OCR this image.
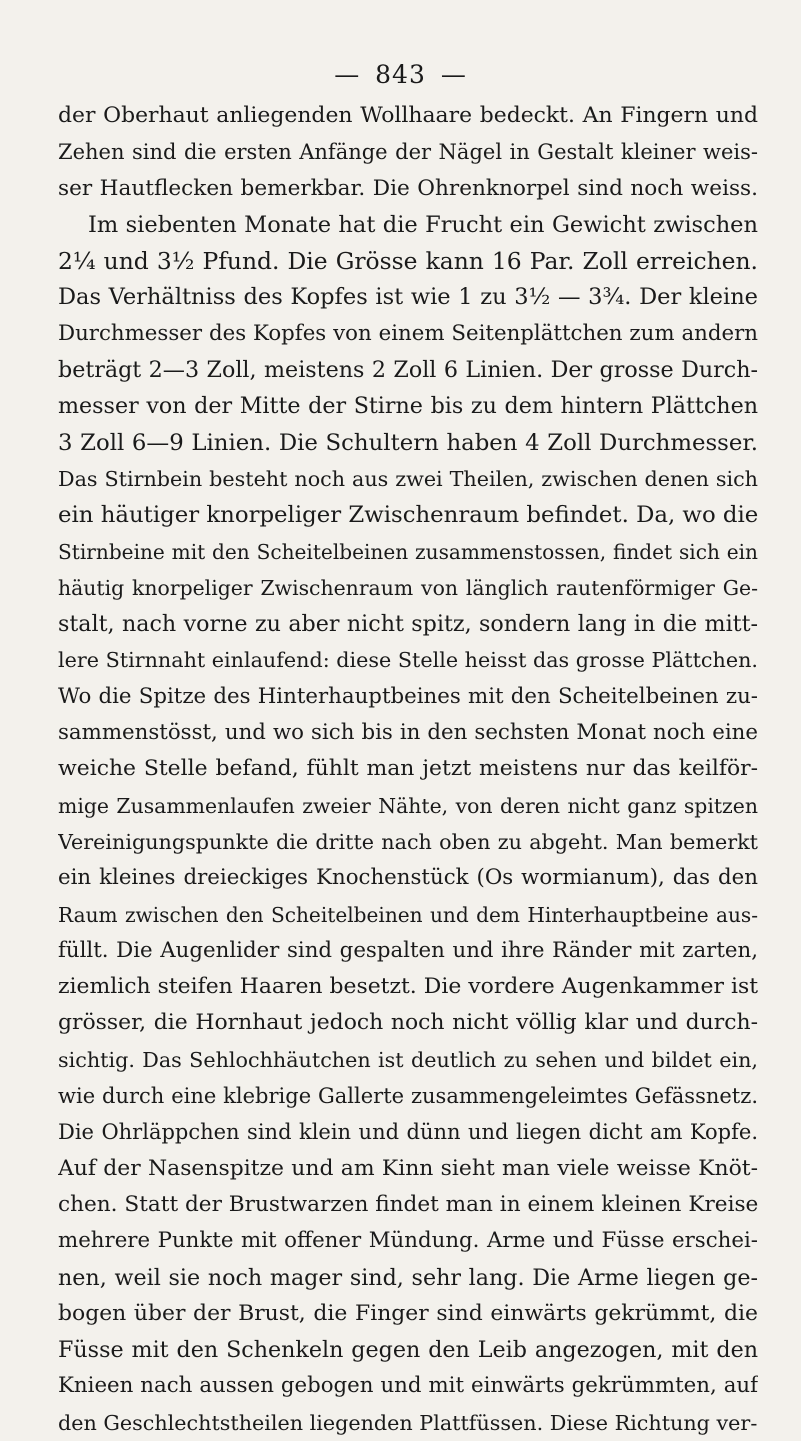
— 843 —
der Oberhaut anliegenden Wollhaare bedeckt. An Fingern und
Zehen sind die ersten Anfänge der Nägel in Gestalt kleiner weis-
ser Hautflecken bemerkbar. Die Ohrenknorpel sind noch weiss.
Im siebenten Monate hat die Frucht ein Gewicht zwischen
2¼ und 3½ Pfund. Die Grösse kann 16 Par. Zoll erreichen.
Das Verhältniss des Kopfes ist wie 1 zu 3½ — 3¾. Der kleine
Durchmesser des Kopfes von einem Seitenplättchen zum andern
beträgt 2—3 Zoll, meistens 2 Zoll 6 Linien. Der grosse Durch-
messer von der Mitte der Stirne bis zu dem hintern Plättchen
3 Zoll 6—9 Linien. Die Schultern haben 4 Zoll Durchmesser.
Das Stirnbein besteht noch aus zwei Theilen, zwischen denen sich
ein häutiger knorpeliger Zwischenraum befindet. Da, wo die
Stirnbeine mit den Scheitelbeinen zusammenstossen, findet sich ein
häutig knorpeliger Zwischenraum von länglich rautenförmiger Ge-
stalt, nach vorne zu aber nicht spitz, sondern lang in die mitt-
lere Stirnnaht einlaufend: diese Stelle heisst das grosse Plättchen.
Wo die Spitze des Hinterhauptbeines mit den Scheitelbeinen zu-
sammenstösst, und wo sich bis in den sechsten Monat noch eine
weiche Stelle befand, fühlt man jetzt meistens nur das keilför-
mige Zusammenlaufen zweier Nähte, von deren nicht ganz spitzen
Vereinigungspunkte die dritte nach oben zu abgeht. Man bemerkt
ein kleines dreieckiges Knochenstück (Os wormianum), das den
Raum zwischen den Scheitelbeinen und dem Hinterhauptbeine aus-
füllt. Die Augenlider sind gespalten und ihre Ränder mit zarten,
ziemlich steifen Haaren besetzt. Die vordere Augenkammer ist
grösser, die Hornhaut jedoch noch nicht völlig klar und durch-
sichtig. Das Sehlochhäutchen ist deutlich zu sehen und bildet ein,
wie durch eine klebrige Gallerte zusammengeleimtes Gefässnetz.
Die Ohrläppchen sind klein und dünn und liegen dicht am Kopfe.
Auf der Nasenspitze und am Kinn sieht man viele weisse Knöt-
chen. Statt der Brustwarzen findet man in einem kleinen Kreise
mehrere Punkte mit offener Mündung. Arme und Füsse erschei-
nen, weil sie noch mager sind, sehr lang. Die Arme liegen ge-
bogen über der Brust, die Finger sind einwärts gekrümmt, die
Füsse mit den Schenkeln gegen den Leib angezogen, mit den
Knieen nach aussen gebogen und mit einwärts gekrümmten, auf
den Geschlechtstheilen liegenden Plattfüssen. Diese Richtung ver-
